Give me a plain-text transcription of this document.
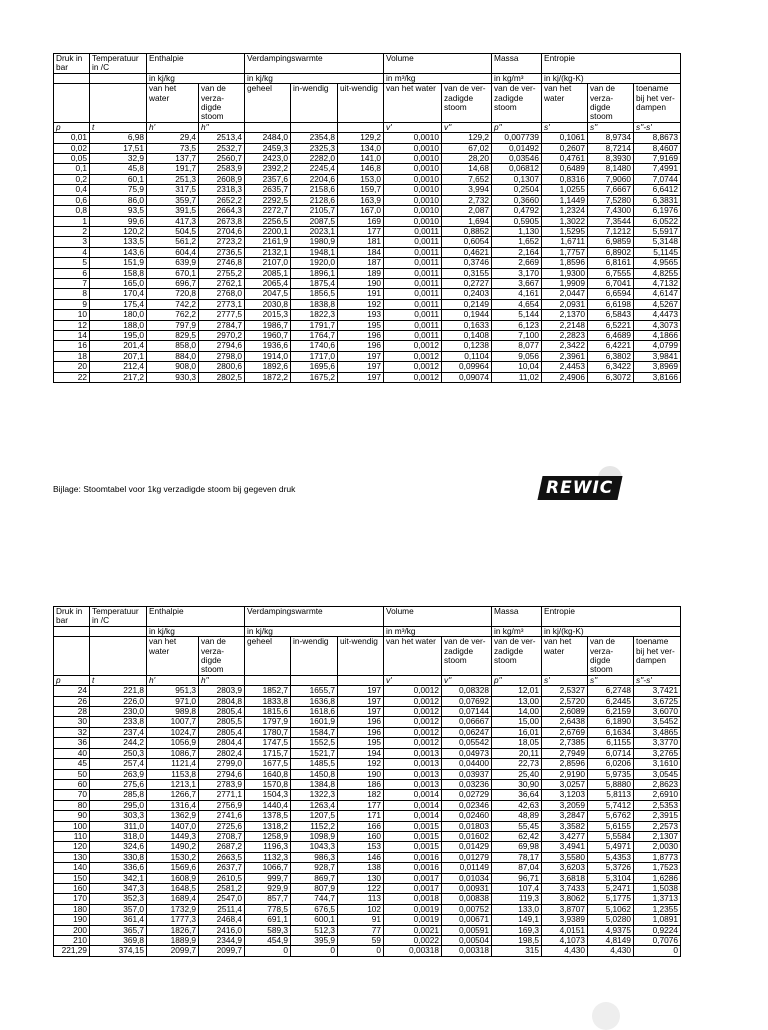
Druk in bar	Temperatuur in /C	Enthalpie		Verdampingswarmte			Volume		Massa	Entropie		
		in kj/kg		in kj/kg			in m³/kg		in kg/m³	in kj/(kg-K)		
		van het water	van de verza-digde stoom	geheel	in-wendig	uit-wendig	van het water	van de ver-zadigde stoom	van de ver-zadigde stoom	van het water	van de verza-digde stoom	toename bij het ver-dampen
p	t	h'	h''				v'	v''	p''	s'	s''	s''-s'
0,01	6,98	29,4	2513,4	2484,0	2354,8	129,2	0,0010	129,2	0,007739	0,1061	8,9734	8,8673
0,02	17,51	73,5	2532,7	2459,3	2325,3	134,0	0,0010	67,02	0,01492	0,2607	8,7214	8,4607
0,05	32,9	137,7	2560,7	2423,0	2282,0	141,0	0,0010	28,20	0,03546	0,4761	8,3930	7,9169
0,1	45,8	191,7	2583,9	2392,2	2245,4	146,8	0,0010	14,68	0,06812	0,6489	8,1480	7,4991
0,2	60,1	251,3	2608,9	2357,6	2204,6	153,0	0,0010	7,652	0,1307	0,8316	7,9060	7,0744
0,4	75,9	317,5	2318,3	2635,7	2158,6	159,7	0,0010	3,994	0,2504	1,0255	7,6667	6,6412
0,6	86,0	359,7	2652,2	2292,5	2128,6	163,9	0,0010	2,732	0,3660	1,1449	7,5280	6,3831
0,8	93,5	391,5	2664,3	2272,7	2105,7	167,0	0,0010	2,087	0,4792	1,2324	7,4300	6,1976
1	99,6	417,3	2673,8	2256,5	2087,5	169	0,0010	1,694	0,5905	1,3022	7,3544	6,0522
2	120,2	504,5	2704,6	2200,1	2023,1	177	0,0011	0,8852	1,130	1,5295	7,1212	5,5917
3	133,5	561,2	2723,2	2161,9	1980,9	181	0,0011	0,6054	1,652	1,6711	6,9859	5,3148
4	143,6	604,4	2736,5	2132,1	1948,1	184	0,0011	0,4621	2,164	1,7757	6,8902	5,1145
5	151,9	639,9	2746,8	2107,0	1920,0	187	0,0011	0,3746	2,669	1,8596	6,8161	4,9565
6	158,8	670,1	2755,2	2085,1	1896,1	189	0,0011	0,3155	3,170	1,9300	6,7555	4,8255
7	165,0	696,7	2762,1	2065,4	1875,4	190	0,0011	0,2727	3,667	1,9909	6,7041	4,7132
8	170,4	720,8	2768,0	2047,5	1856,5	191	0,0011	0,2403	4,161	2,0447	6,6594	4,6147
9	175,4	742,2	2773,1	2030,8	1838,8	192	0,0011	0,2149	4,654	2,0931	6,6198	4,5267
10	180,0	762,2	2777,5	2015,3	1822,3	193	0,0011	0,1944	5,144	2,1370	6,5843	4,4473
12	188,0	797,9	2784,7	1986,7	1791,7	195	0,0011	0,1633	6,123	2,2148	6,5221	4,3073
14	195,0	829,5	2970,2	1960,7	1764,7	196	0,0011	0,1408	7,100	2,2823	6,4689	4,1866
16	201,4	858,0	2794,6	1936,6	1740,6	196	0,0012	0,1238	8,077	2,3422	6,4221	4,0799
18	207,1	884,0	2798,0	1914,0	1717,0	197	0,0012	0,1104	9,056	2,3961	6,3802	3,9841
20	212,4	908,0	2800,6	1892,6	1695,6	197	0,0012	0,09964	10,04	2,4453	6,3422	3,8969
22	217,2	930,3	2802,5	1872,2	1675,2	197	0,0012	0,09074	11,02	2,4906	6,3072	3,8166
Bijlage: Stoomtabel voor 1kg verzadigde stoom bij gegeven druk	REWIC
Druk in bar	Temperatuur in /C	Enthalpie		Verdampingswarmte			Volume		Massa	Entropie		
		in kj/kg		in kj/kg			in m³/kg		in kg/m³	in kj/(kg-K)		
		van het water	van de verza-digde stoom	geheel	in-wendig	uit-wendig	van het water	van de ver-zadigde stoom	van de ver-zadigde stoom	van het water	van de verza-digde stoom	toename bij het ver-dampen
p	t	h'	h''				v'	v''	p''	s'	s''	s''-s'
24	221,8	951,3	2803,9	1852,7	1655,7	197	0,0012	0,08328	12,01	2,5327	6,2748	3,7421
26	226,0	971,0	2804,8	1833,8	1636,8	197	0,0012	0,07692	13,00	2,5720	6,2445	3,6725
28	230,0	989,8	2805,4	1815,6	1618,6	197	0,0012	0,07144	14,00	2,6089	6,2159	3,6070
30	233,8	1007,7	2805,5	1797,9	1601,9	196	0,0012	0,06667	15,00	2,6438	6,1890	3,5452
32	237,4	1024,7	2805,4	1780,7	1584,7	196	0,0012	0,06247	16,01	2,6769	6,1634	3,4865
36	244,2	1056,9	2804,4	1747,5	1552,5	195	0,0012	0,05542	18,05	2,7385	6,1155	3,3770
40	250,3	1086,7	2802,4	1715,7	1521,7	194	0,0013	0,04973	20,11	2,7949	6,0714	3,2765
45	257,4	1121,4	2799,0	1677,5	1485,5	192	0,0013	0,04400	22,73	2,8596	6,0206	3,1610
50	263,9	1153,8	2794,6	1640,8	1450,8	190	0,0013	0,03937	25,40	2,9190	5,9735	3,0545
60	275,6	1213,1	2783,9	1570,8	1384,8	186	0,0013	0,03236	30,90	3,0257	5,8880	2,8623
70	285,8	1266,7	2771,1	1504,3	1322,3	182	0,0014	0,02729	36,64	3,1203	5,8113	2,6910
80	295,0	1316,4	2756,9	1440,4	1263,4	177	0,0014	0,02346	42,63	3,2059	5,7412	2,5353
90	303,3	1362,9	2741,6	1378,5	1207,5	171	0,0014	0,02460	48,89	3,2847	5,6762	2,3915
100	311,0	1407,0	2725,6	1318,2	1152,2	166	0,0015	0,01803	55,45	3,3582	5,6155	2,2573
110	318,0	1449,3	2708,7	1258,9	1098,9	160	0,0015	0,01602	62,42	3,4277	5,5584	2,1307
120	324,6	1490,2	2687,2	1196,3	1043,3	153	0,0015	0,01429	69,98	3,4941	5,4971	2,0030
130	330,8	1530,2	2663,5	1132,3	986,3	146	0,0016	0,01279	78,17	3,5580	5,4353	1,8773
140	336,6	1569,6	2637,7	1066,7	928,7	138	0,0016	0,01149	87,04	3,6203	5,3726	1,7523
150	342,1	1608,9	2610,5	999,7	869,7	130	0,0017	0,01034	96,71	3,6818	5,3104	1,6286
160	347,3	1648,5	2581,2	929,9	807,9	122	0,0017	0,00931	107,4	3,7433	5,2471	1,5038
170	352,3	1689,4	2547,0	857,7	744,7	113	0,0018	0,00838	119,3	3,8062	5,1775	1,3713
180	357,0	1732,9	2511,4	778,5	676,5	102	0,0019	0,00752	133,0	3,8707	5,1062	1,2355
190	361,4	1777,3	2468,4	691,1	600,1	91	0,0019	0,00671	149,1	3,9389	5,0280	1,0891
200	365,7	1826,7	2416,0	589,3	512,3	77	0,0021	0,00591	169,3	4,0151	4,9375	0,9224
210	369,8	1889,9	2344,9	454,9	395,9	59	0,0022	0,00504	198,5	4,1073	4,8149	0,7076
221,29	374,15	2099,7	2099,7	0	0	0	0,00318	0,00318	315	4,430	4,430	0
